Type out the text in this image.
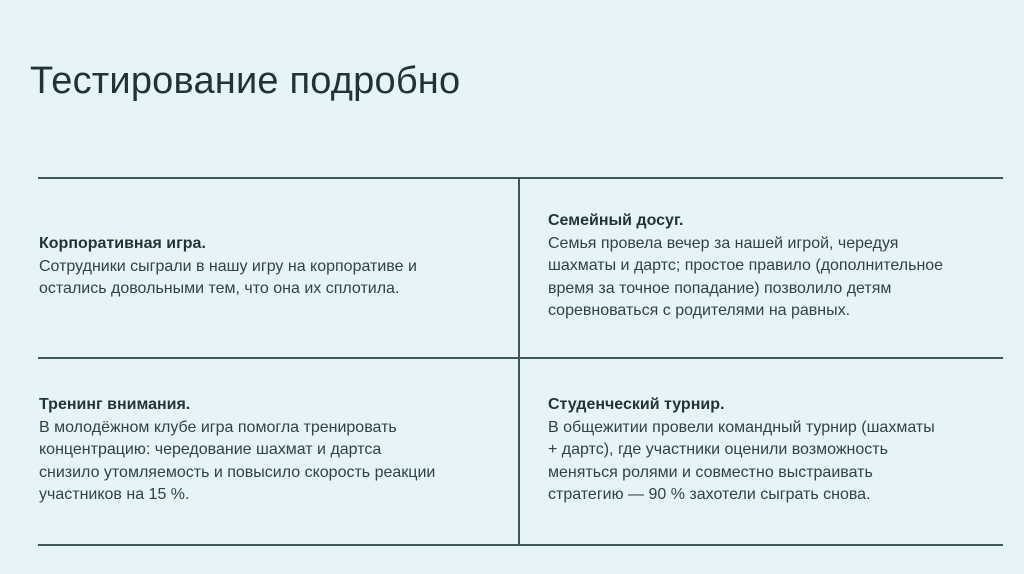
Тестирование подробно
Корпоративная игра.
Сотрудники сыграли в нашу игру на корпоративе и
остались довольными тем, что она их сплотила.
Семейный досуг.
Семья провела вечер за нашей игрой, чередуя
шахматы и дартс; простое правило (дополнительное
время за точное попадание) позволило детям
соревноваться с родителями на равных.
Тренинг внимания.
В молодёжном клубе игра помогла тренировать
концентрацию: чередование шахмат и дартса
снизило утомляемость и повысило скорость реакции
участников на 15 %.
Студенческий турнир.
В общежитии провели командный турнир (шахматы
+ дартс), где участники оценили возможность
меняться ролями и совместно выстраивать
стратегию — 90 % захотели сыграть снова.
